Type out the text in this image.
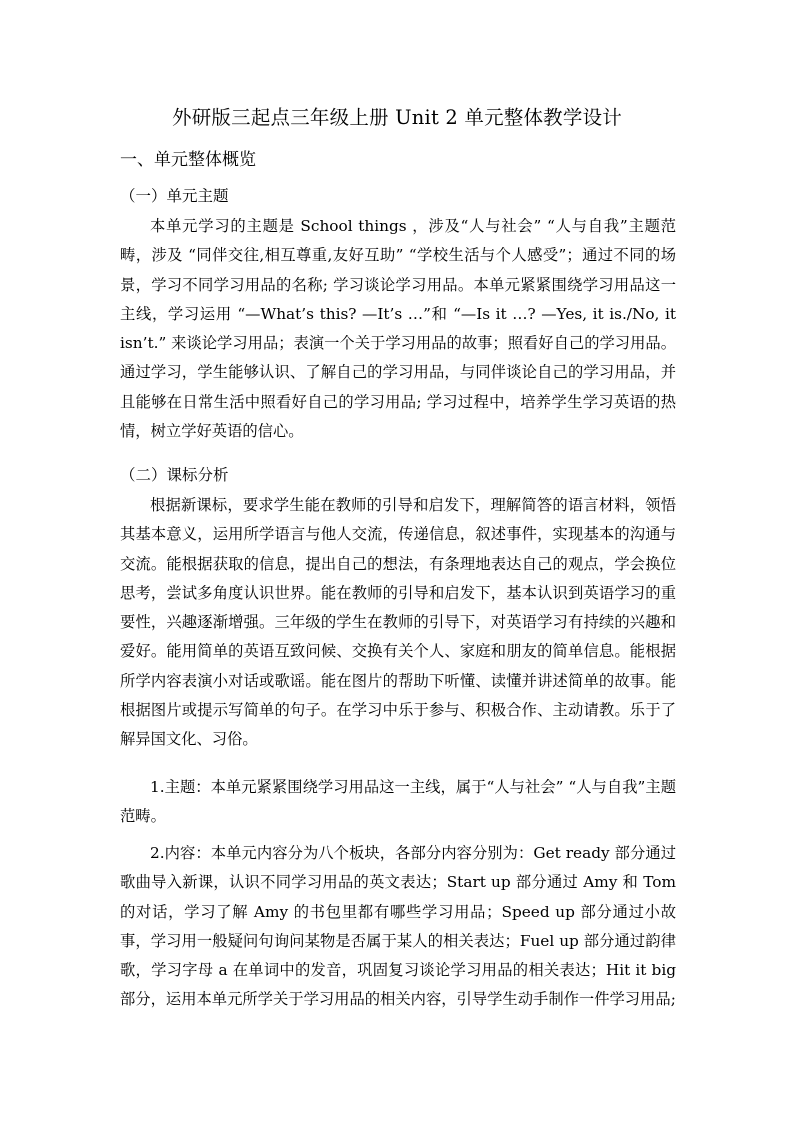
外研版三起点三年级上册 Unit 2 单元整体教学设计
一、单元整体概览
（一）单元主题

本单元学习的主题是 School things ，涉及“人与社会” “人与自我”主题范畴，涉及 “同伴交往,相互尊重,友好互助” “学校生活与个人感受”；通过不同的场景，学习不同学习用品的名称; 学习谈论学习用品。本单元紧紧围绕学习用品这一主线，学习运用 “—What’s this? —It’s …”和 “—Is it …? —Yes, it is./No, it isn’t.” 来谈论学习用品；表演一个关于学习用品的故事；照看好自己的学习用品。通过学习，学生能够认识、了解自己的学习用品，与同伴谈论自己的学习用品，并且能够在日常生活中照看好自己的学习用品; 学习过程中，培养学生学习英语的热情，树立学好英语的信心。

（二）课标分析

根据新课标，要求学生能在教师的引导和启发下，理解简答的语言材料，领悟其基本意义，运用所学语言与他人交流，传递信息，叙述事件，实现基本的沟通与交流。能根据获取的信息，提出自己的想法，有条理地表达自己的观点，学会换位思考，尝试多角度认识世界。能在教师的引导和启发下，基本认识到英语学习的重要性，兴趣逐渐增强。三年级的学生在教师的引导下，对英语学习有持续的兴趣和爱好。能用简单的英语互致问候、交换有关个人、家庭和朋友的简单信息。能根据所学内容表演小对话或歌谣。能在图片的帮助下听懂、读懂并讲述简单的故事。能根据图片或提示写简单的句子。在学习中乐于参与、积极合作、主动请教。乐于了解异国文化、习俗。

1.主题：本单元紧紧围绕学习用品这一主线，属于“人与社会” “人与自我”主题范畴。

2.内容：本单元内容分为八个板块，各部分内容分别为：Get ready 部分通过歌曲导入新课，认识不同学习用品的英文表达；Start up 部分通过 Amy 和 Tom 的对话，学习了解 Amy 的书包里都有哪些学习用品；Speed up 部分通过小故事，学习用一般疑问句询问某物是否属于某人的相关表达；Fuel up 部分通过韵律歌，学习字母 a 在单词中的发音，巩固复习谈论学习用品的相关表达；Hit it big 部分，运用本单元所学关于学习用品的相关内容，引导学生动手制作一件学习用品;
